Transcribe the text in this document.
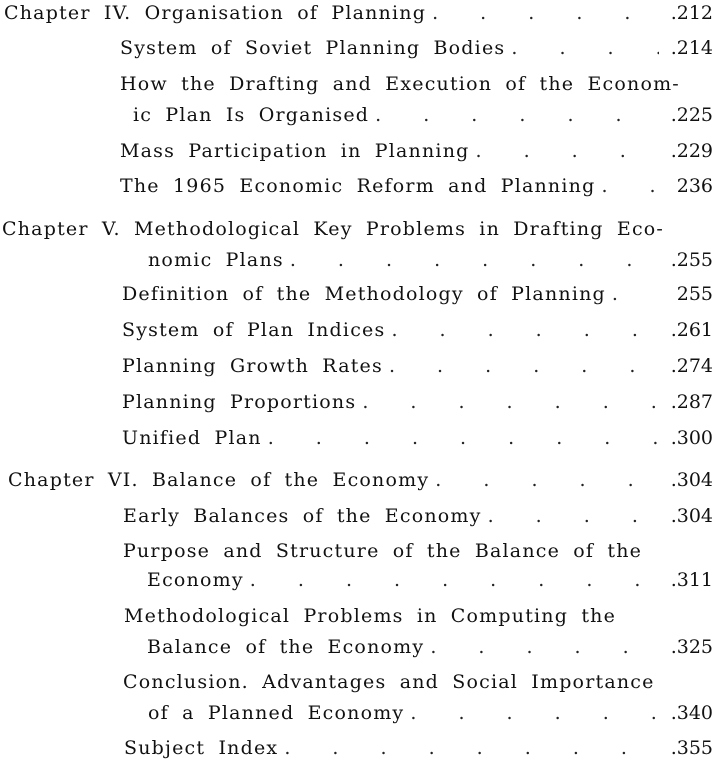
Chapter IV. Organisation of Planning . . .	.212
System of Soviet Planning Bodies . . .	.214
How the Drafting and Execution of the Econom-
ic Plan Is Organised . . .	.225
Mass Participation in Planning . . .	.229
The 1965 Economic Reform and Planning . . .	236
Chapter V. Methodological Key Problems in Drafting Eco-
nomic Plans . . .	.255
Definition of the Methodology of Planning . . .	255
System of Plan Indices . . .	.261
Planning Growth Rates . . .	.274
Planning Proportions . . .	.287
Unified Plan . . .	.300
Chapter VI. Balance of the Economy . . .	.304
Early Balances of the Economy . . .	.304
Purpose and Structure of the Balance of the
Economy . . .	.311
Methodological Problems in Computing the
Balance of the Economy . . .	.325
Conclusion. Advantages and Social Importance
of a Planned Economy . . .	.340
Subject Index . . .	.355
